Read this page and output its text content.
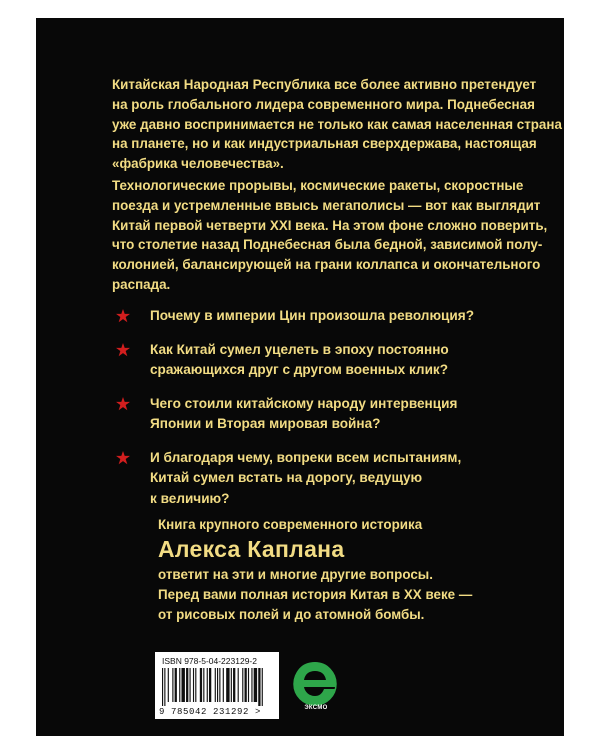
Китайская Народная Республика все более активно претендует
на роль глобального лидера современного мира. Поднебесная
уже давно воспринимается не только как самая населенная страна
на планете, но и как индустриальная сверхдержава, настоящая
«фабрика человечества».

Технологические прорывы, космические ракеты, скоростные
поезда и устремленные ввысь мегаполисы — вот как выглядит
Китай первой четверти XXI века. На этом фоне сложно поверить,
что столетие назад Поднебесная была бедной, зависимой полу-
колонией, балансирующей на грани коллапса и окончательного
распада.

Почему в империи Цин произошла революция?
Как Китай сумел уцелеть в эпоху постоянно
сражающихся друг с другом военных клик?
Чего стоили китайскому народу интервенция
Японии и Вторая мировая война?
И благодаря чему, вопреки всем испытаниям,
Китай сумел встать на дорогу, ведущую
к величию?
Книга крупного современного историка
Алекса Каплана
ответит на эти и многие другие вопросы.
Перед вами полная история Китая в XX веке —
от рисовых полей и до атомной бомбы.
ISBN 978-5-04-223129-2
9 785042 231292 >	ЭКСМО
